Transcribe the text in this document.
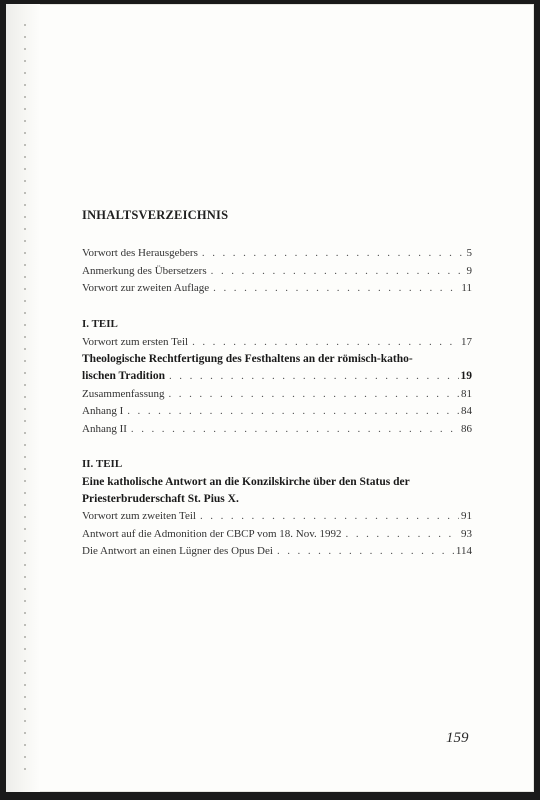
INHALTSVERZEICHNIS
Vorwort des Herausgebers . . .	5
Anmerkung des Übersetzers . . .	9
Vorwort zur zweiten Auflage . . .	11
I. TEIL
Vorwort zum ersten Teil . . .	17
Theologische Rechtfertigung des Festhaltens an der römisch-katho-
lischen Tradition . . .	19
Zusammenfassung . . .	81
Anhang I . . .	84
Anhang II . . .	86
II. TEIL
Eine katholische Antwort an die Konzilskirche über den Status der
Priesterbruderschaft St. Pius X.
Vorwort zum zweiten Teil . . .	91
Antwort auf die Admonition der CBCP vom 18. Nov. 1992 . . .	93
Die Antwort an einen Lügner des Opus Dei . . .	114
159
